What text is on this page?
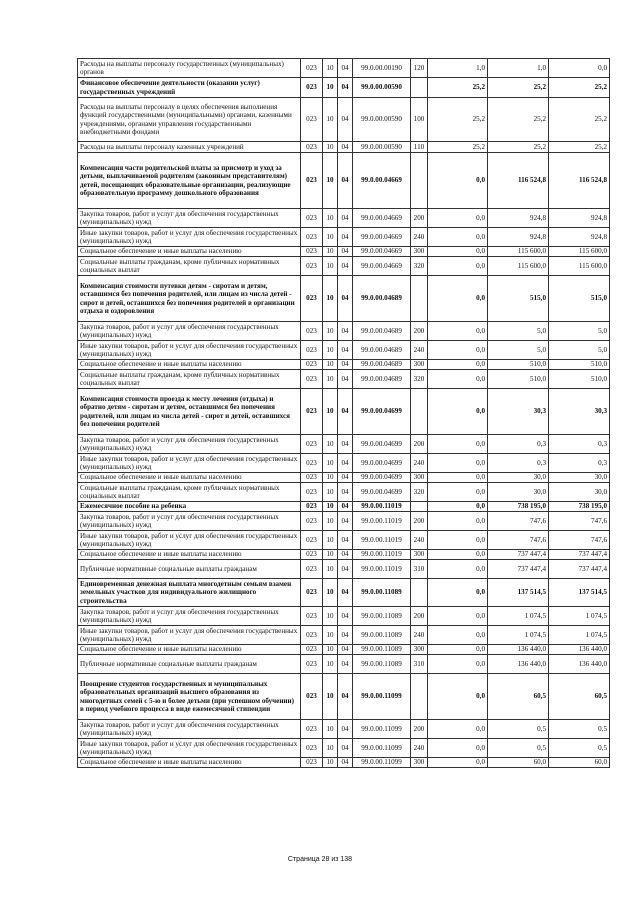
Расходы на выплаты персоналу государственных (муниципальных) органов	023	10	04	99.0.00.00190	120	1,0	1,0	0,0
Финансовое обеспечение деятельности (оказании услуг) государственных учреждений	023	10	04	99.0.00.00590		25,2	25,2	25,2
Расходы на выплаты персоналу в целях обеспечения выполнения функций государственными (муниципальными) органами, казенными учреждениями, органами управления государственными внебюджетными фондами	023	10	04	99.0.00.00590	100	25,2	25,2	25,2
Расходы на выплаты персоналу казенных учреждений	023	10	04	99.0.00.00590	110	25,2	25,2	25,2
Компенсация части родительской платы за присмотр и уход за детьми, выплачиваемой родителям (законным представителям) детей, посещающих образовательные организации, реализующие образовательную программу дошкольного образования	023	10	04	99.0.00.04669		0,0	116 524,8	116 524,8
Закупка товаров, работ и услуг для обеспечения государственных (муниципальных) нужд	023	10	04	99.0.00.04669	200	0,0	924,8	924,8
Иные закупки товаров, работ и услуг для обеспечения государственных (муниципальных) нужд	023	10	04	99.0.00.04669	240	0,0	924,8	924,8
Социальное обеспечение и иные выплаты населению	023	10	04	99.0.00.04669	300	0,0	115 600,0	115 600,0
Социальные выплаты гражданам, кроме публичных нормативных социальных выплат	023	10	04	99.0.00.04669	320	0,0	115 600,0	115 600,0
Компенсация стоимости путевки детям - сиротам и детям, оставшимся без попечения родителей, или лицам из числа детей - сирот и детей, оставшихся без попечения родителей в организации отдыха и оздоровления	023	10	04	99.0.00.04689		0,0	515,0	515,0
Закупка товаров, работ и услуг для обеспечения государственных (муниципальных) нужд	023	10	04	99.0.00.04689	200	0,0	5,0	5,0
Иные закупки товаров, работ и услуг для обеспечения государственных (муниципальных) нужд	023	10	04	99.0.00.04689	240	0,0	5,0	5,0
Социальное обеспечение и иные выплаты населению	023	10	04	99.0.00.04689	300	0,0	510,0	510,0
Социальные выплаты гражданам, кроме публичных нормативных социальных выплат	023	10	04	99.0.00.04689	320	0,0	510,0	510,0
Компенсация стоимости проезда к месту лечения (отдыха) и обратно детям - сиротам и детям, оставшимся без попечения родителей, или лицам из числа детей - сирот и детей, оставшихся без попечения родителей	023	10	04	99.0.00.04699		0,0	30,3	30,3
Закупка товаров, работ и услуг для обеспечения государственных (муниципальных) нужд	023	10	04	99.0.00.04699	200	0,0	0,3	0,3
Иные закупки товаров, работ и услуг для обеспечения государственных (муниципальных) нужд	023	10	04	99.0.00.04699	240	0,0	0,3	0,3
Социальное обеспечение и иные выплаты населению	023	10	04	99.0.00.04699	300	0,0	30,0	30,0
Социальные выплаты гражданам, кроме публичных нормативных социальных выплат	023	10	04	99.0.00.04699	320	0,0	30,0	30,0
Ежемесячное пособие на ребенка	023	10	04	99.0.00.11019		0,0	738 195,0	738 195,0
Закупка товаров, работ и услуг для обеспечения государственных (муниципальных) нужд	023	10	04	99.0.00.11019	200	0,0	747,6	747,6
Иные закупки товаров, работ и услуг для обеспечения государственных (муниципальных) нужд	023	10	04	99.0.00.11019	240	0,0	747,6	747,6
Социальное обеспечение и иные выплаты населению	023	10	04	99.0.00.11019	300	0,0	737 447,4	737 447,4
Публичные нормативные социальные выплаты гражданам	023	10	04	99.0.00.11019	310	0,0	737 447,4	737 447,4
Единовременная денежная выплата многодетным семьям взамен земельных участков для индивидуального жилищного строительства	023	10	04	99.0.00.11089		0,0	137 514,5	137 514,5
Закупка товаров, работ и услуг для обеспечения государственных (муниципальных) нужд	023	10	04	99.0.00.11089	200	0,0	1 074,5	1 074,5
Иные закупки товаров, работ и услуг для обеспечения государственных (муниципальных) нужд	023	10	04	99.0.00.11089	240	0,0	1 074,5	1 074,5
Социальное обеспечение и иные выплаты населению	023	10	04	99.0.00.11089	300	0,0	136 440,0	136 440,0
Публичные нормативные социальные выплаты гражданам	023	10	04	99.0.00.11089	310	0,0	136 440,0	136 440,0
Поощрение студентов государственных и муниципальных образовательных организаций высшего образования из многодетных семей с 5-ю и более детьми (при успешном обучении) в период учебного процесса в виде ежемесячной стипендии	023	10	04	99.0.00.11099		0,0	60,5	60,5
Закупка товаров, работ и услуг для обеспечения государственных (муниципальных) нужд	023	10	04	99.0.00.11099	200	0,0	0,5	0,5
Иные закупки товаров, работ и услуг для обеспечения государственных (муниципальных) нужд	023	10	04	99.0.00.11099	240	0,0	0,5	0,5
Социальное обеспечение и иные выплаты населению	023	10	04	99.0.00.11099	300	0,0	60,0	60,0
Страница 28 из 138
